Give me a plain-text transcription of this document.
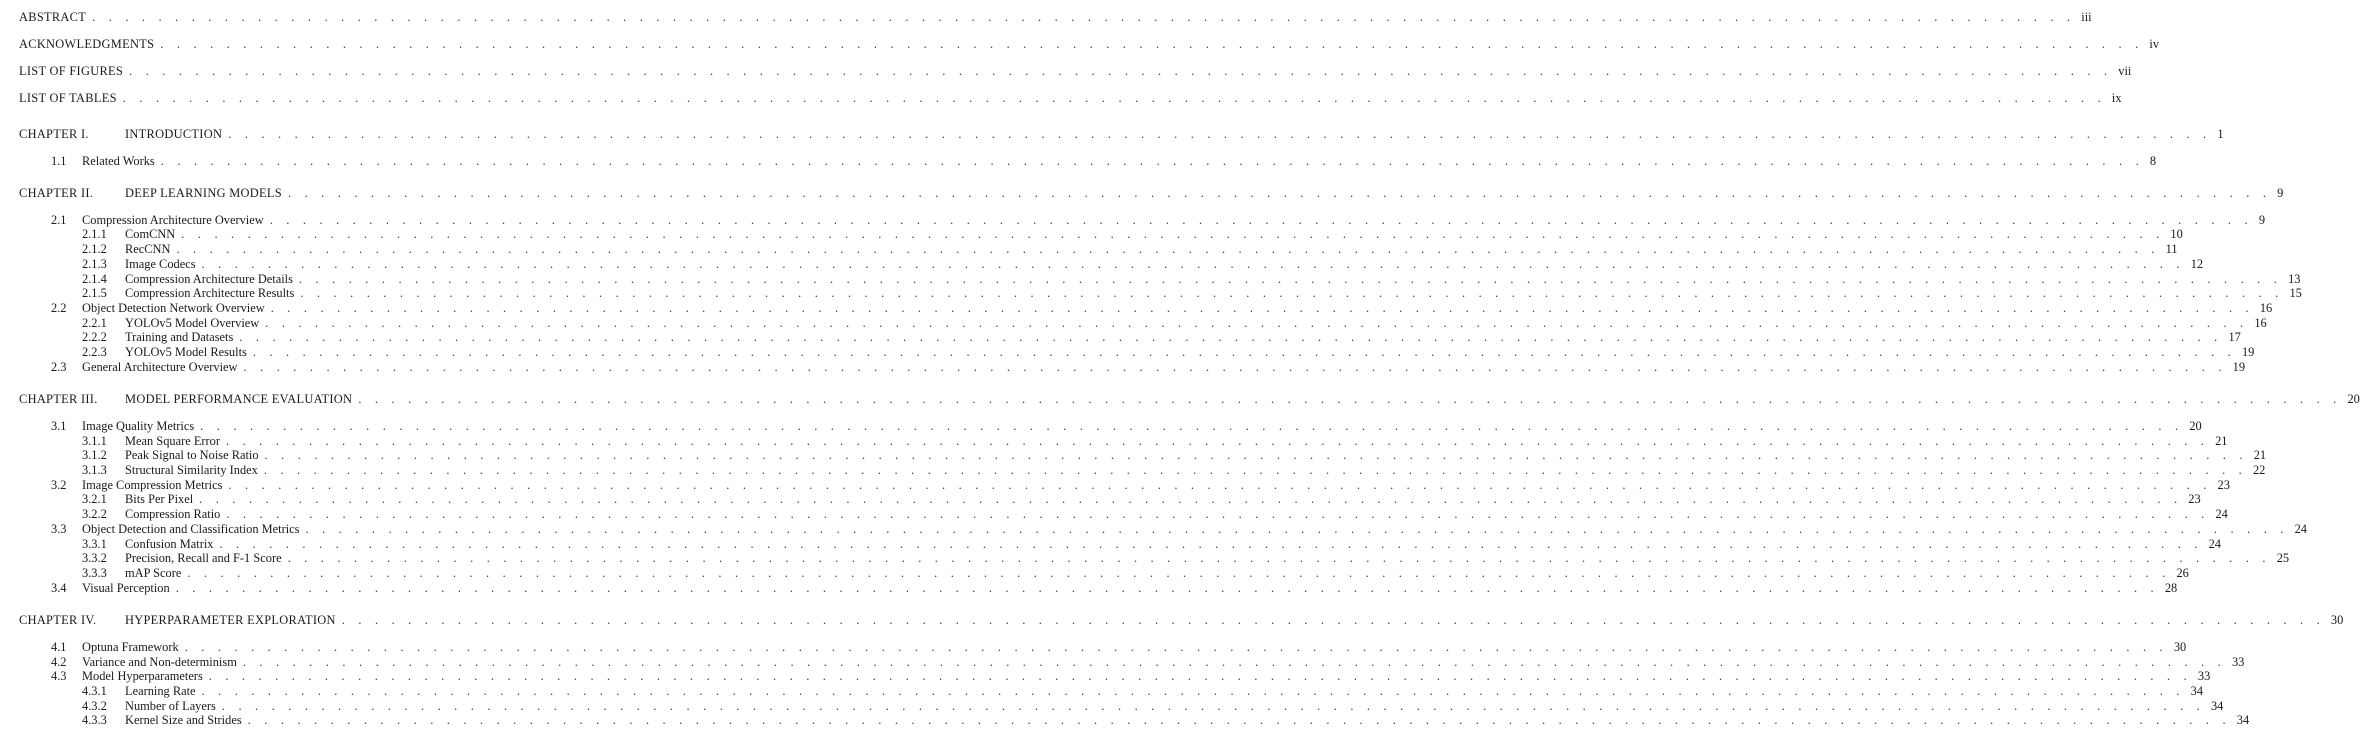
ABSTRACT . . . . . . . . . . . . . . . . . . . . . . . . . . . . . . . . . . . . . . . . . . . . . . . . . . . . . . . . . . . . . . . . . . . . . . . . . . . . . . . . . . . . . . . . . . . . . . . . . . . . . . . . . . . . . . . . . . . . . . . . iii
ACKNOWLEDGMENTS . . . . . . . . . . . . . . . . . . . . . . . . . . . . . . . . . . . . . . . . . . . . . . . . . . . . . . . . . . . . . . . . . . . . . . . . . . . . . . . . . . . . . . . . . . . . . . . . . . . . . . . . . . . . . . . . . . . . . . . . iv
LIST OF FIGURES . . . . . . . . . . . . . . . . . . . . . . . . . . . . . . . . . . . . . . . . . . . . . . . . . . . . . . . . . . . . . . . . . . . . . . . . . . . . . . . . . . . . . . . . . . . . . . . . . . . . . . . . . . . . . . . . . . . . . . . . vii
LIST OF TABLES . . . . . . . . . . . . . . . . . . . . . . . . . . . . . . . . . . . . . . . . . . . . . . . . . . . . . . . . . . . . . . . . . . . . . . . . . . . . . . . . . . . . . . . . . . . . . . . . . . . . . . . . . . . . . . . . . . . . . . . . ix
CHAPTER I.	INTRODUCTION . . . . . . . . . . . . . . . . . . . . . . . . . . . . . . . . . . . . . . . . . . . . . . . . . . . . . . . . . . . . . . . . . . . . . . . . . . . . . . . . . . . . . . . . . . . . . . . . . . . . . . . . . . . . . . . . . . . . . . . . 1
1.1	Related Works . . . . . . . . . . . . . . . . . . . . . . . . . . . . . . . . . . . . . . . . . . . . . . . . . . . . . . . . . . . . . . . . . . . . . . . . . . . . . . . . . . . . . . . . . . . . . . . . . . . . . . . . . . . . . . . . . . . . . . . . 8
CHAPTER II.	DEEP LEARNING MODELS . . . . . . . . . . . . . . . . . . . . . . . . . . . . . . . . . . . . . . . . . . . . . . . . . . . . . . . . . . . . . . . . . . . . . . . . . . . . . . . . . . . . . . . . . . . . . . . . . . . . . . . . . . . . . . . . . . . . . . . . 9
2.1	Compression Architecture Overview . . . . . . . . . . . . . . . . . . . . . . . . . . . . . . . . . . . . . . . . . . . . . . . . . . . . . . . . . . . . . . . . . . . . . . . . . . . . . . . . . . . . . . . . . . . . . . . . . . . . . . . . . . . . . . . . . . . . . . . . 9
2.1.1	ComCNN . . . . . . . . . . . . . . . . . . . . . . . . . . . . . . . . . . . . . . . . . . . . . . . . . . . . . . . . . . . . . . . . . . . . . . . . . . . . . . . . . . . . . . . . . . . . . . . . . . . . . . . . . . . . . . . . . . . . . . . . 10
2.1.2	RecCNN . . . . . . . . . . . . . . . . . . . . . . . . . . . . . . . . . . . . . . . . . . . . . . . . . . . . . . . . . . . . . . . . . . . . . . . . . . . . . . . . . . . . . . . . . . . . . . . . . . . . . . . . . . . . . . . . . . . . . . . . 11
2.1.3	Image Codecs . . . . . . . . . . . . . . . . . . . . . . . . . . . . . . . . . . . . . . . . . . . . . . . . . . . . . . . . . . . . . . . . . . . . . . . . . . . . . . . . . . . . . . . . . . . . . . . . . . . . . . . . . . . . . . . . . . . . . . . . 12
2.1.4	Compression Architecture Details . . . . . . . . . . . . . . . . . . . . . . . . . . . . . . . . . . . . . . . . . . . . . . . . . . . . . . . . . . . . . . . . . . . . . . . . . . . . . . . . . . . . . . . . . . . . . . . . . . . . . . . . . . . . . . . . . . . . . . . . 13
2.1.5	Compression Architecture Results . . . . . . . . . . . . . . . . . . . . . . . . . . . . . . . . . . . . . . . . . . . . . . . . . . . . . . . . . . . . . . . . . . . . . . . . . . . . . . . . . . . . . . . . . . . . . . . . . . . . . . . . . . . . . . . . . . . . . . . . 15
2.2	Object Detection Network Overview . . . . . . . . . . . . . . . . . . . . . . . . . . . . . . . . . . . . . . . . . . . . . . . . . . . . . . . . . . . . . . . . . . . . . . . . . . . . . . . . . . . . . . . . . . . . . . . . . . . . . . . . . . . . . . . . . . . . . . . . 16
2.2.1	YOLOv5 Model Overview . . . . . . . . . . . . . . . . . . . . . . . . . . . . . . . . . . . . . . . . . . . . . . . . . . . . . . . . . . . . . . . . . . . . . . . . . . . . . . . . . . . . . . . . . . . . . . . . . . . . . . . . . . . . . . . . . . . . . . . . 16
2.2.2	Training and Datasets . . . . . . . . . . . . . . . . . . . . . . . . . . . . . . . . . . . . . . . . . . . . . . . . . . . . . . . . . . . . . . . . . . . . . . . . . . . . . . . . . . . . . . . . . . . . . . . . . . . . . . . . . . . . . . . . . . . . . . . . 17
2.2.3	YOLOv5 Model Results . . . . . . . . . . . . . . . . . . . . . . . . . . . . . . . . . . . . . . . . . . . . . . . . . . . . . . . . . . . . . . . . . . . . . . . . . . . . . . . . . . . . . . . . . . . . . . . . . . . . . . . . . . . . . . . . . . . . . . . . 19
2.3	General Architecture Overview . . . . . . . . . . . . . . . . . . . . . . . . . . . . . . . . . . . . . . . . . . . . . . . . . . . . . . . . . . . . . . . . . . . . . . . . . . . . . . . . . . . . . . . . . . . . . . . . . . . . . . . . . . . . . . . . . . . . . . . . 19
CHAPTER III.	MODEL PERFORMANCE EVALUATION . . . . . . . . . . . . . . . . . . . . . . . . . . . . . . . . . . . . . . . . . . . . . . . . . . . . . . . . . . . . . . . . . . . . . . . . . . . . . . . . . . . . . . . . . . . . . . . . . . . . . . . . . . . . . . . . . . . . . . . . 20
3.1	Image Quality Metrics . . . . . . . . . . . . . . . . . . . . . . . . . . . . . . . . . . . . . . . . . . . . . . . . . . . . . . . . . . . . . . . . . . . . . . . . . . . . . . . . . . . . . . . . . . . . . . . . . . . . . . . . . . . . . . . . . . . . . . . . 20
3.1.1	Mean Square Error . . . . . . . . . . . . . . . . . . . . . . . . . . . . . . . . . . . . . . . . . . . . . . . . . . . . . . . . . . . . . . . . . . . . . . . . . . . . . . . . . . . . . . . . . . . . . . . . . . . . . . . . . . . . . . . . . . . . . . . . 21
3.1.2	Peak Signal to Noise Ratio . . . . . . . . . . . . . . . . . . . . . . . . . . . . . . . . . . . . . . . . . . . . . . . . . . . . . . . . . . . . . . . . . . . . . . . . . . . . . . . . . . . . . . . . . . . . . . . . . . . . . . . . . . . . . . . . . . . . . . . . 21
3.1.3	Structural Similarity Index . . . . . . . . . . . . . . . . . . . . . . . . . . . . . . . . . . . . . . . . . . . . . . . . . . . . . . . . . . . . . . . . . . . . . . . . . . . . . . . . . . . . . . . . . . . . . . . . . . . . . . . . . . . . . . . . . . . . . . . . 22
3.2	Image Compression Metrics . . . . . . . . . . . . . . . . . . . . . . . . . . . . . . . . . . . . . . . . . . . . . . . . . . . . . . . . . . . . . . . . . . . . . . . . . . . . . . . . . . . . . . . . . . . . . . . . . . . . . . . . . . . . . . . . . . . . . . . . 23
3.2.1	Bits Per Pixel . . . . . . . . . . . . . . . . . . . . . . . . . . . . . . . . . . . . . . . . . . . . . . . . . . . . . . . . . . . . . . . . . . . . . . . . . . . . . . . . . . . . . . . . . . . . . . . . . . . . . . . . . . . . . . . . . . . . . . . . 23
3.2.2	Compression Ratio . . . . . . . . . . . . . . . . . . . . . . . . . . . . . . . . . . . . . . . . . . . . . . . . . . . . . . . . . . . . . . . . . . . . . . . . . . . . . . . . . . . . . . . . . . . . . . . . . . . . . . . . . . . . . . . . . . . . . . . . 24
3.3	Object Detection and Classification Metrics . . . . . . . . . . . . . . . . . . . . . . . . . . . . . . . . . . . . . . . . . . . . . . . . . . . . . . . . . . . . . . . . . . . . . . . . . . . . . . . . . . . . . . . . . . . . . . . . . . . . . . . . . . . . . . . . . . . . . . . . 24
3.3.1	Confusion Matrix . . . . . . . . . . . . . . . . . . . . . . . . . . . . . . . . . . . . . . . . . . . . . . . . . . . . . . . . . . . . . . . . . . . . . . . . . . . . . . . . . . . . . . . . . . . . . . . . . . . . . . . . . . . . . . . . . . . . . . . . 24
3.3.2	Precision, Recall and F-1 Score . . . . . . . . . . . . . . . . . . . . . . . . . . . . . . . . . . . . . . . . . . . . . . . . . . . . . . . . . . . . . . . . . . . . . . . . . . . . . . . . . . . . . . . . . . . . . . . . . . . . . . . . . . . . . . . . . . . . . . . . 25
3.3.3	mAP Score . . . . . . . . . . . . . . . . . . . . . . . . . . . . . . . . . . . . . . . . . . . . . . . . . . . . . . . . . . . . . . . . . . . . . . . . . . . . . . . . . . . . . . . . . . . . . . . . . . . . . . . . . . . . . . . . . . . . . . . . 26
3.4	Visual Perception . . . . . . . . . . . . . . . . . . . . . . . . . . . . . . . . . . . . . . . . . . . . . . . . . . . . . . . . . . . . . . . . . . . . . . . . . . . . . . . . . . . . . . . . . . . . . . . . . . . . . . . . . . . . . . . . . . . . . . . . 28
CHAPTER IV.	HYPERPARAMETER EXPLORATION . . . . . . . . . . . . . . . . . . . . . . . . . . . . . . . . . . . . . . . . . . . . . . . . . . . . . . . . . . . . . . . . . . . . . . . . . . . . . . . . . . . . . . . . . . . . . . . . . . . . . . . . . . . . . . . . . . . . . . . . 30
4.1	Optuna Framework . . . . . . . . . . . . . . . . . . . . . . . . . . . . . . . . . . . . . . . . . . . . . . . . . . . . . . . . . . . . . . . . . . . . . . . . . . . . . . . . . . . . . . . . . . . . . . . . . . . . . . . . . . . . . . . . . . . . . . . . 30
4.2	Variance and Non-determinism . . . . . . . . . . . . . . . . . . . . . . . . . . . . . . . . . . . . . . . . . . . . . . . . . . . . . . . . . . . . . . . . . . . . . . . . . . . . . . . . . . . . . . . . . . . . . . . . . . . . . . . . . . . . . . . . . . . . . . . . 33
4.3	Model Hyperparameters . . . . . . . . . . . . . . . . . . . . . . . . . . . . . . . . . . . . . . . . . . . . . . . . . . . . . . . . . . . . . . . . . . . . . . . . . . . . . . . . . . . . . . . . . . . . . . . . . . . . . . . . . . . . . . . . . . . . . . . . 33
4.3.1	Learning Rate . . . . . . . . . . . . . . . . . . . . . . . . . . . . . . . . . . . . . . . . . . . . . . . . . . . . . . . . . . . . . . . . . . . . . . . . . . . . . . . . . . . . . . . . . . . . . . . . . . . . . . . . . . . . . . . . . . . . . . . . 34
4.3.2	Number of Layers . . . . . . . . . . . . . . . . . . . . . . . . . . . . . . . . . . . . . . . . . . . . . . . . . . . . . . . . . . . . . . . . . . . . . . . . . . . . . . . . . . . . . . . . . . . . . . . . . . . . . . . . . . . . . . . . . . . . . . . . 34
4.3.3	Kernel Size and Strides . . . . . . . . . . . . . . . . . . . . . . . . . . . . . . . . . . . . . . . . . . . . . . . . . . . . . . . . . . . . . . . . . . . . . . . . . . . . . . . . . . . . . . . . . . . . . . . . . . . . . . . . . . . . . . . . . . . . . . . . 34
